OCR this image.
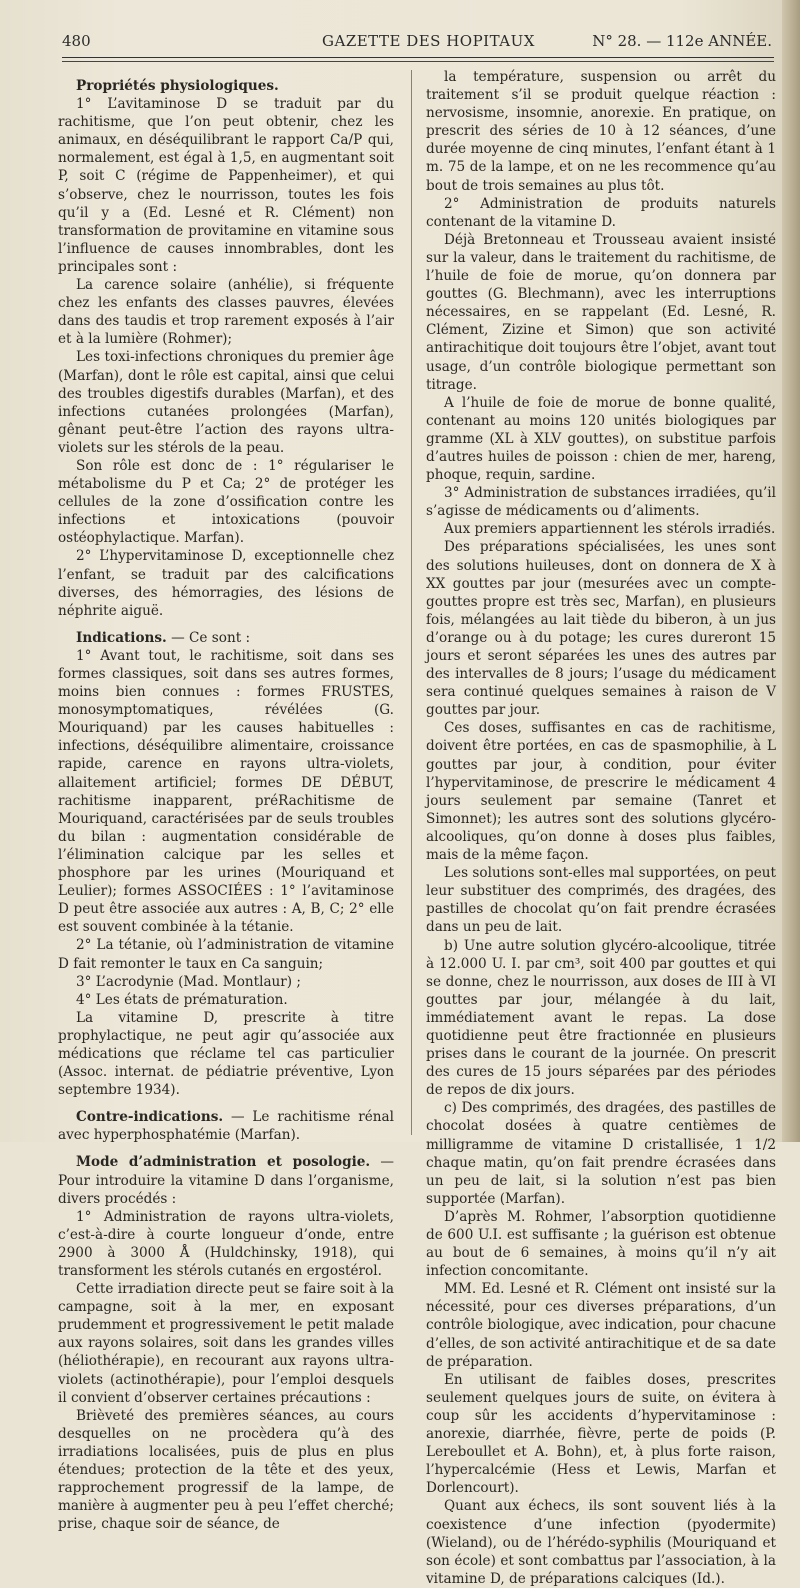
480	GAZETTE DES HOPITAUX	N° 28. — 112e ANNÉE.

Propriétés physiologiques.

1° L’avitaminose D se traduit par du rachitisme, que l’on peut obtenir, chez les animaux, en déséquilibrant le rapport Ca/P qui, normalement, est égal à 1,5, en augmentant soit P, soit C (régime de Pappenheimer), et qui s’observe, chez le nourrisson, toutes les fois qu’il y a (Ed. Lesné et R. Clément) non transformation de provitamine en vitamine sous l’influence de causes innombrables, dont les principales sont :

La carence solaire (anhélie), si fréquente chez les enfants des classes pauvres, élevées dans des taudis et trop rarement exposés à l’air et à la lumière (Rohmer);

Les toxi-infections chroniques du premier âge (Marfan), dont le rôle est capital, ainsi que celui des troubles digestifs durables (Marfan), et des infections cutanées prolongées (Marfan), gênant peut-être l’action des rayons ultra-violets sur les stérols de la peau.

Son rôle est donc de : 1° régulariser le métabolisme du P et Ca; 2° de protéger les cellules de la zone d’ossification contre les infections et intoxications (pouvoir ostéophylactique. Marfan).

2° L’hypervitaminose D, exceptionnelle chez l’enfant, se traduit par des calcifications diverses, des hémorragies, des lésions de néphrite aiguë.

Indications. — Ce sont :

1° Avant tout, le rachitisme, soit dans ses formes classiques, soit dans ses autres formes, moins bien connues : formes FRUSTES, monosymptomatiques, révélées (G. Mouriquand) par les causes habituelles : infections, déséquilibre alimentaire, croissance rapide, carence en rayons ultra-violets, allaitement artificiel; formes DE DÉBUT, rachitisme inapparent, préRachitisme de Mouriquand, caractérisées par de seuls troubles du bilan : augmentation considérable de l’élimination calcique par les selles et phosphore par les urines (Mouriquand et Leulier); formes ASSOCIÉES : 1° l’avitaminose D peut être associée aux autres : A, B, C; 2° elle est souvent combinée à la tétanie.

2° La tétanie, où l’administration de vitamine D fait remonter le taux en Ca sanguin;

3° L’acrodynie (Mad. Montlaur) ;

4° Les états de prématuration.

La vitamine D, prescrite à titre prophylactique, ne peut agir qu’associée aux médications que réclame tel cas particulier (Assoc. internat. de pédiatrie préventive, Lyon septembre 1934).

Contre-indications. — Le rachitisme rénal avec hyperphosphatémie (Marfan).

Mode d’administration et posologie. — Pour introduire la vitamine D dans l’organisme, divers procédés :

1° Administration de rayons ultra-violets, c’est-à-dire à courte longueur d’onde, entre 2900 à 3000 Å (Huldchinsky, 1918), qui transforment les stérols cutanés en ergostérol.

Cette irradiation directe peut se faire soit à la campagne, soit à la mer, en exposant prudemment et progressivement le petit malade aux rayons solaires, soit dans les grandes villes (héliothérapie), en recourant aux rayons ultra-violets (actinothérapie), pour l’emploi desquels il convient d’observer certaines précautions :

Brièveté des premières séances, au cours desquelles on ne procèdera qu’à des irradiations localisées, puis de plus en plus étendues; protection de la tête et des yeux, rapprochement progressif de la lampe, de manière à augmenter peu à peu l’effet cherché; prise, chaque soir de séance, de

la température, suspension ou arrêt du traitement s’il se produit quelque réaction : nervosisme, insomnie, anorexie. En pratique, on prescrit des séries de 10 à 12 séances, d’une durée moyenne de cinq minutes, l’enfant étant à 1 m. 75 de la lampe, et on ne les recommence qu’au bout de trois semaines au plus tôt.

2° Administration de produits naturels contenant de la vitamine D.

Déjà Bretonneau et Trousseau avaient insisté sur la valeur, dans le traitement du rachitisme, de l’huile de foie de morue, qu’on donnera par gouttes (G. Blechmann), avec les interruptions nécessaires, en se rappelant (Ed. Lesné, R. Clément, Zizine et Simon) que son activité antirachitique doit toujours être l’objet, avant tout usage, d’un contrôle biologique permettant son titrage.

A l’huile de foie de morue de bonne qualité, contenant au moins 120 unités biologiques par gramme (XL à XLV gouttes), on substitue parfois d’autres huiles de poisson : chien de mer, hareng, phoque, requin, sardine.

3° Administration de substances irradiées, qu’il s’agisse de médicaments ou d’aliments.

Aux premiers appartiennent les stérols irradiés.

Des préparations spécialisées, les unes sont des solutions huileuses, dont on donnera de X à XX gouttes par jour (mesurées avec un compte-gouttes propre est très sec, Marfan), en plusieurs fois, mélangées au lait tiède du biberon, à un jus d’orange ou à du potage; les cures dureront 15 jours et seront séparées les unes des autres par des intervalles de 8 jours; l’usage du médicament sera continué quelques semaines à raison de V gouttes par jour.

Ces doses, suffisantes en cas de rachitisme, doivent être portées, en cas de spasmophilie, à L gouttes par jour, à condition, pour éviter l’hypervitaminose, de prescrire le médicament 4 jours seulement par semaine (Tanret et Simonnet); les autres sont des solutions glycéro-alcooliques, qu’on donne à doses plus faibles, mais de la même façon.

Les solutions sont-elles mal supportées, on peut leur substituer des comprimés, des dragées, des pastilles de chocolat qu’on fait prendre écrasées dans un peu de lait.

b) Une autre solution glycéro-alcoolique, titrée à 12.000 U. I. par cm³, soit 400 par gouttes et qui se donne, chez le nourrisson, aux doses de III à VI gouttes par jour, mélangée à du lait, immédiatement avant le repas. La dose quotidienne peut être fractionnée en plusieurs prises dans le courant de la journée. On prescrit des cures de 15 jours séparées par des périodes de repos de dix jours.

c) Des comprimés, des dragées, des pastilles de chocolat dosées à quatre centièmes de milligramme de vitamine D cristallisée, 1 1/2 chaque matin, qu’on fait prendre écrasées dans un peu de lait, si la solution n’est pas bien supportée (Marfan).

D’après M. Rohmer, l’absorption quotidienne de 600 U.I. est suffisante ; la guérison est obtenue au bout de 6 semaines, à moins qu’il n’y ait infection concomitante.

MM. Ed. Lesné et R. Clément ont insisté sur la nécessité, pour ces diverses préparations, d’un contrôle biologique, avec indication, pour chacune d’elles, de son activité antirachitique et de sa date de préparation.

En utilisant de faibles doses, prescrites seulement quelques jours de suite, on évitera à coup sûr les accidents d’hypervitaminose : anorexie, diarrhée, fièvre, perte de poids (P. Lereboullet et A. Bohn), et, à plus forte raison, l’hypercalcémie (Hess et Lewis, Marfan et Dorlencourt).

Quant aux échecs, ils sont souvent liés à la coexistence d’une infection (pyodermite) (Wieland), ou de l’hérédo-syphilis (Mouriquand et son école) et sont combattus par l’association, à la vitamine D, de préparations calciques (Id.).
